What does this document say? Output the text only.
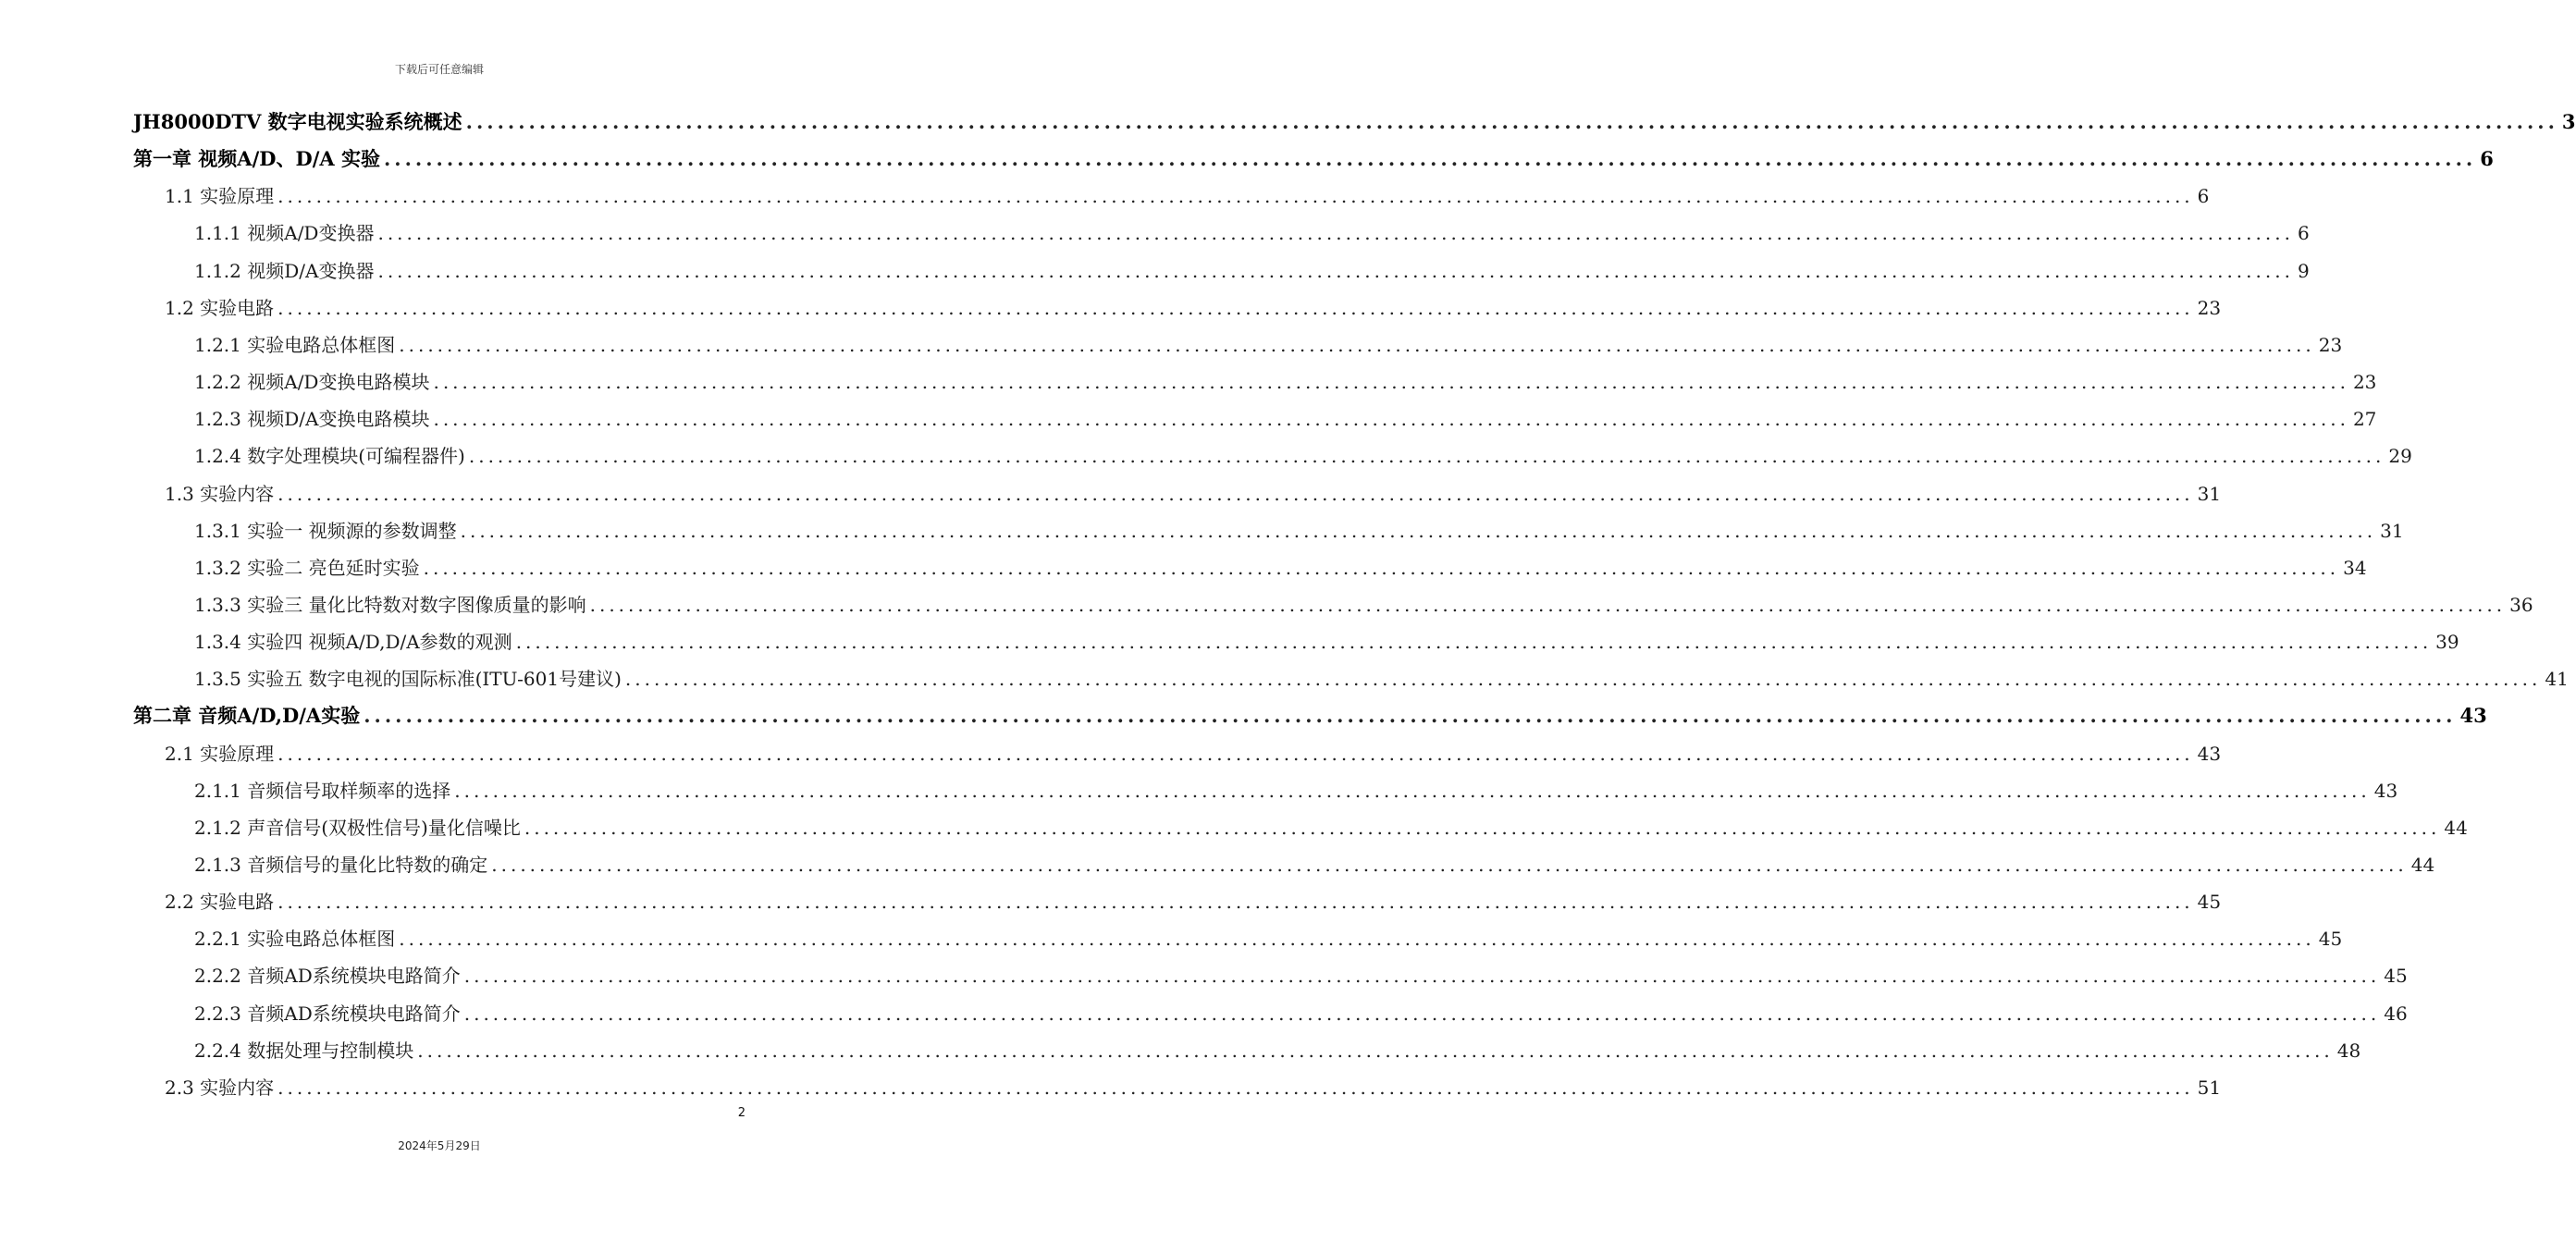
下载后可任意编辑
JH8000DTV 数字电视实验系统概述 ........................................................................................................................................................................................................ 3
第一章 视频A/D、D/A 实验 ........................................................................................................................................................................................................ 6
1.1 实验原理 ........................................................................................................................................................................................................ 6
1.1.1 视频A/D变换器 ........................................................................................................................................................................................................ 6
1.1.2 视频D/A变换器 ........................................................................................................................................................................................................ 9
1.2 实验电路 ........................................................................................................................................................................................................ 23
1.2.1 实验电路总体框图 ........................................................................................................................................................................................................ 23
1.2.2 视频A/D变换电路模块 ........................................................................................................................................................................................................ 23
1.2.3 视频D/A变换电路模块 ........................................................................................................................................................................................................ 27
1.2.4 数字处理模块(可编程器件) ........................................................................................................................................................................................................ 29
1.3 实验内容 ........................................................................................................................................................................................................ 31
1.3.1 实验一 视频源的参数调整 ........................................................................................................................................................................................................ 31
1.3.2 实验二 亮色延时实验 ........................................................................................................................................................................................................ 34
1.3.3 实验三 量化比特数对数字图像质量的影响 ........................................................................................................................................................................................................ 36
1.3.4 实验四 视频A/D,D/A参数的观测 ........................................................................................................................................................................................................ 39
1.3.5 实验五 数字电视的国际标准(ITU-601号建议) ........................................................................................................................................................................................................ 41
第二章 音频A/D,D/A实验 ........................................................................................................................................................................................................ 43
2.1 实验原理 ........................................................................................................................................................................................................ 43
2.1.1 音频信号取样频率的选择 ........................................................................................................................................................................................................ 43
2.1.2 声音信号(双极性信号)量化信噪比 ........................................................................................................................................................................................................ 44
2.1.3 音频信号的量化比特数的确定 ........................................................................................................................................................................................................ 44
2.2 实验电路 ........................................................................................................................................................................................................ 45
2.2.1 实验电路总体框图 ........................................................................................................................................................................................................ 45
2.2.2 音频AD系统模块电路简介 ........................................................................................................................................................................................................ 45
2.2.3 音频AD系统模块电路简介 ........................................................................................................................................................................................................ 46
2.2.4 数据处理与控制模块 ........................................................................................................................................................................................................ 48
2.3 实验内容 ........................................................................................................................................................................................................ 51
2
2024年5月29日
